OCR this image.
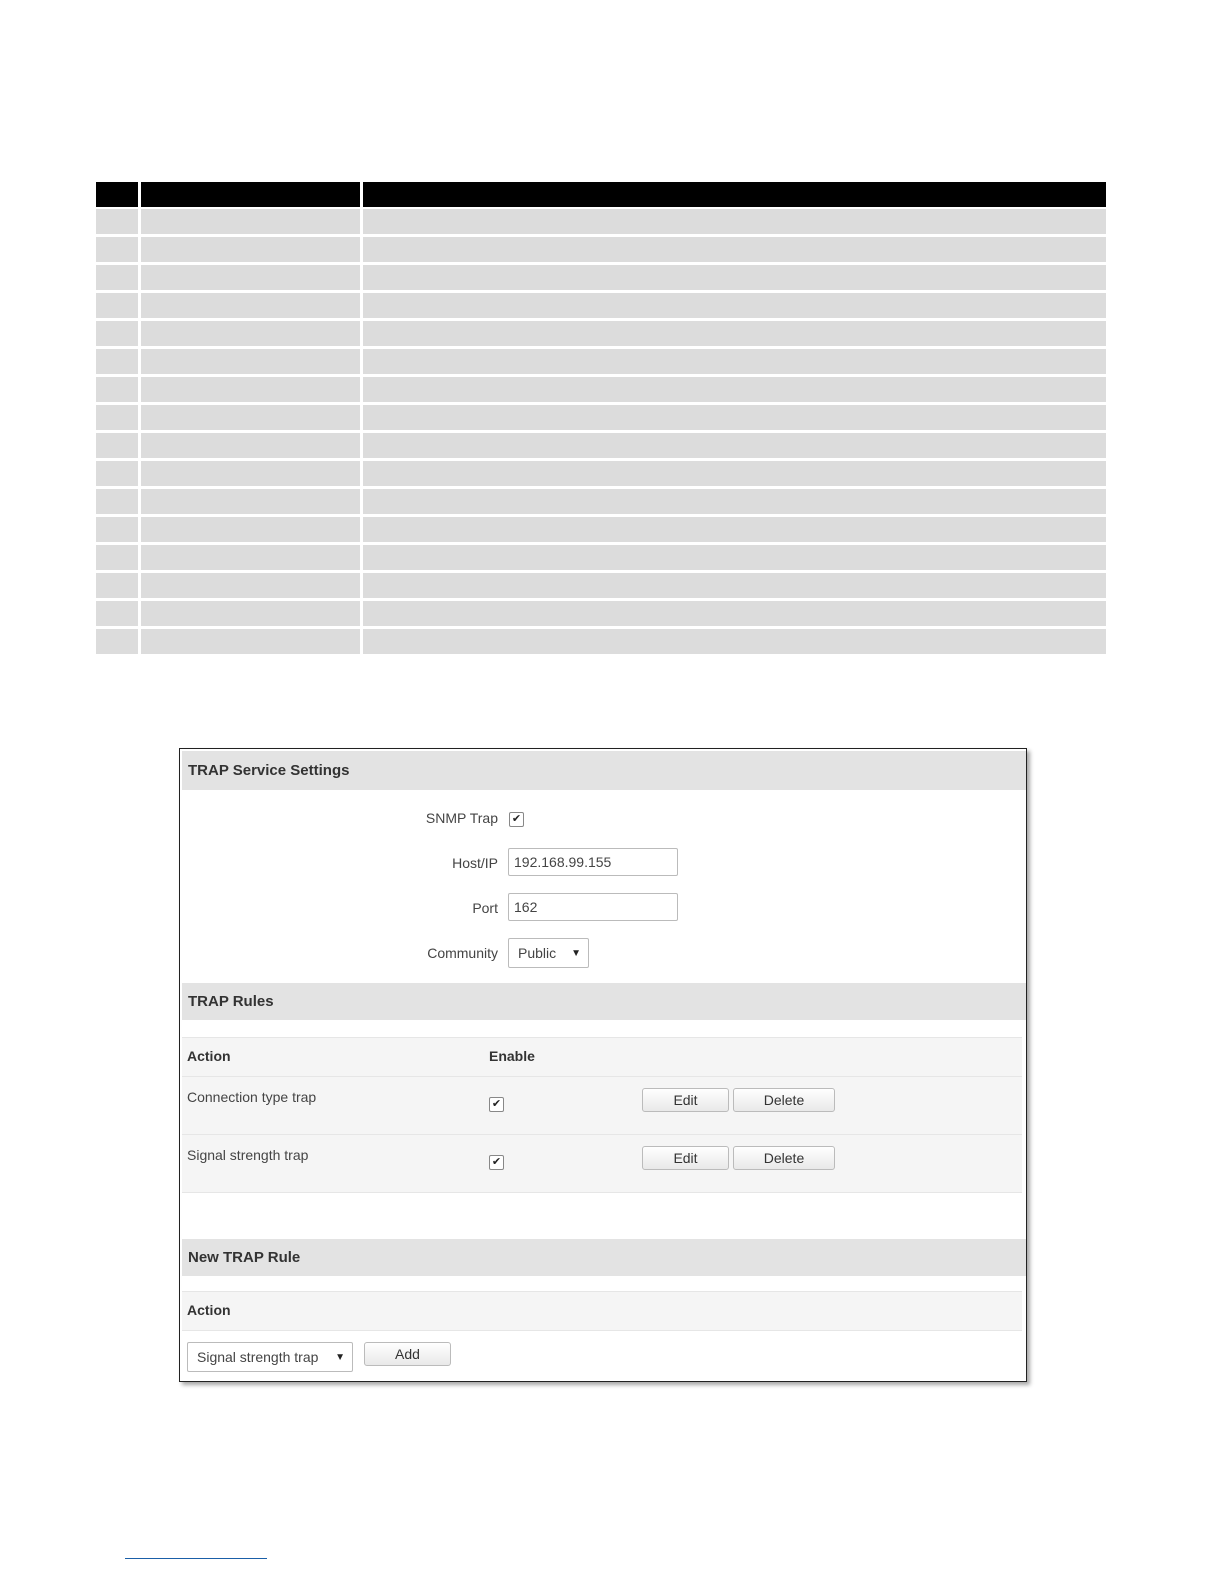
TRAP Service Settings
SNMP Trap ✔
Host/IP
192.168.99.155
Port
162
Community Public ▼
TRAP Rules
Action	Enable
Connection type trap	✔	Edit	Delete
Signal strength trap	✔	Edit	Delete
New TRAP Rule
Action
Signal strength trap ▼	Add
